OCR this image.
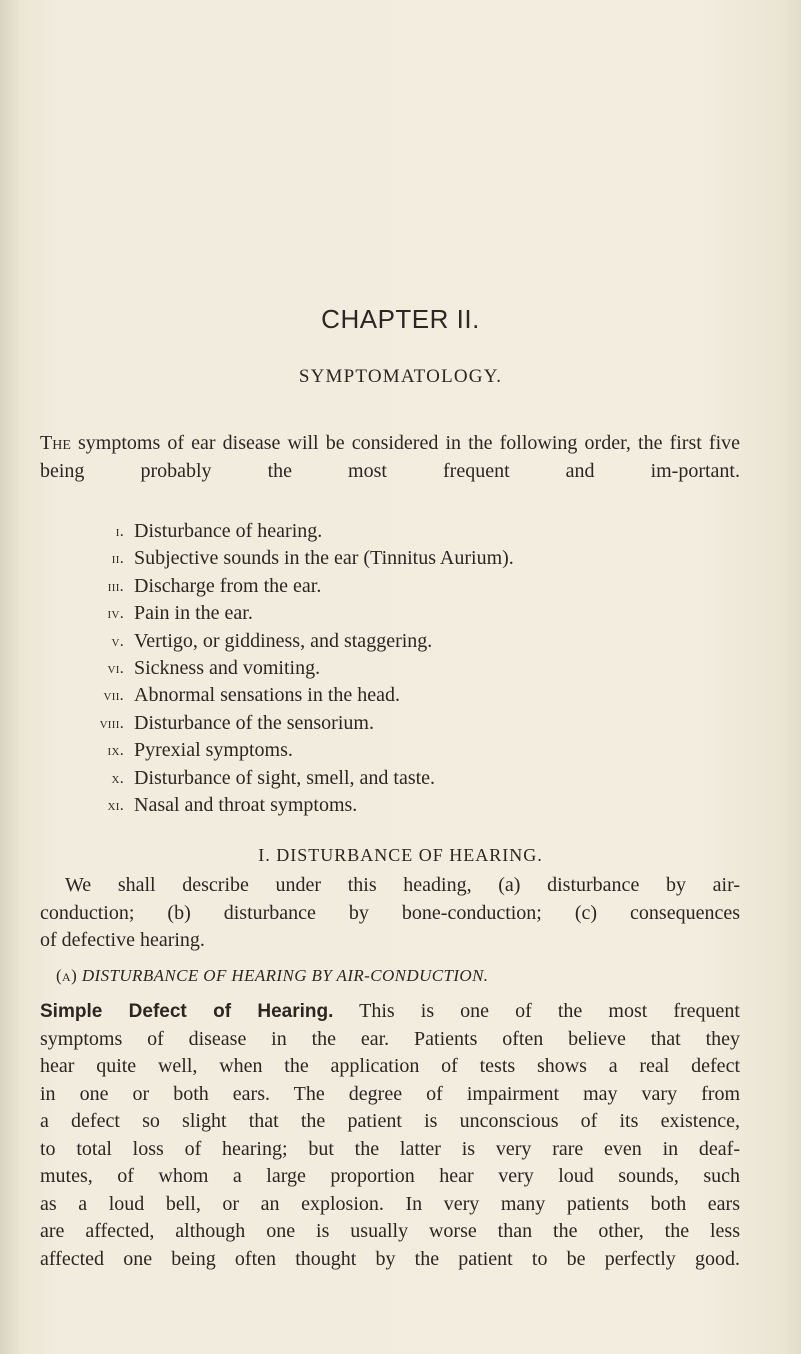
CHAPTER II.
SYMPTOMATOLOGY.
The symptoms of ear disease will be considered in the following order, the first five being probably the most frequent and im-portant.
i. Disturbance of hearing.
ii. Subjective sounds in the ear (Tinnitus Aurium).
iii. Discharge from the ear.
iv. Pain in the ear.
v. Vertigo, or giddiness, and staggering.
vi. Sickness and vomiting.
vii. Abnormal sensations in the head.
viii. Disturbance of the sensorium.
ix. Pyrexial symptoms.
x. Disturbance of sight, smell, and taste.
xi. Nasal and throat symptoms.
I. DISTURBANCE OF HEARING.
We shall describe under this heading, (a) disturbance by air-
conduction; (b) disturbance by bone-conduction; (c) consequences
of defective hearing.
(a) DISTURBANCE OF HEARING BY AIR-CONDUCTION.
Simple Defect of Hearing. This is one of the most frequent
symptoms of disease in the ear. Patients often believe that they
hear quite well, when the application of tests shows a real defect
in one or both ears. The degree of impairment may vary from
a defect so slight that the patient is unconscious of its existence,
to total loss of hearing; but the latter is very rare even in deaf-
mutes, of whom a large proportion hear very loud sounds, such
as a loud bell, or an explosion. In very many patients both ears
are affected, although one is usually worse than the other, the less
affected one being often thought by the patient to be perfectly good.
